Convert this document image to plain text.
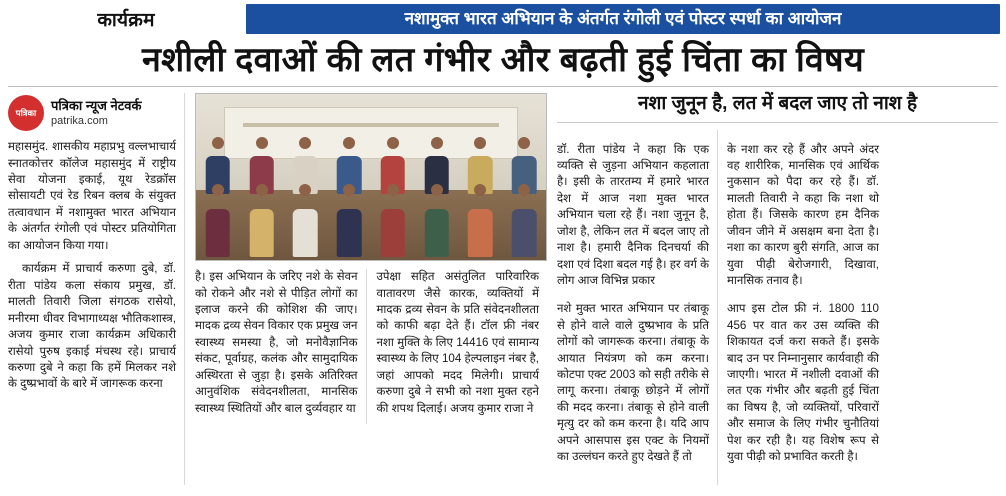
कार्यक्रम	नशामुक्त भारत अभियान के अंतर्गत रंगोली एवं पोस्टर स्पर्धा का आयोजन
नशीली दवाओं की लत गंभीर और बढ़ती हुई चिंता का विषय
पत्रिका	पत्रिका न्यूज नेटवर्क
patrika.com

महासमुंद. शासकीय महाप्रभु वल्लभाचार्य स्नातकोत्तर कॉलेज महासमुंद में राष्ट्रीय सेवा योजना इकाई, यूथ रेडक्रॉस सोसायटी एवं रेड रिबन क्लब के संयुक्त तत्वावधान में नशामुक्त भारत अभियान के अंतर्गत रंगोली एवं पोस्टर प्रतियोगिता का आयोजन किया गया।

कार्यक्रम में प्राचार्य करुणा दुबे, डॉ. रीता पांडेय कला संकाय प्रमुख, डॉ. मालती तिवारी जिला संगठक रासेयो, मनीरमा धीवर विभागाध्यक्ष भौतिकशास्त्र, अजय कुमार राजा कार्यक्रम अधिकारी रासेयो पुरुष इकाई मंचस्थ रहे। प्राचार्य करुणा दुबे ने कहा कि हमें मिलकर नशे के दुष्प्रभावों के बारे में जागरूक करना

है। इस अभियान के जरिए नशे के सेवन को रोकने और नशे से पीड़ित लोगों का इलाज करने की कोशिश की जाए। मादक द्रव्य सेवन विकार एक प्रमुख जन स्वास्थ्य समस्या है, जो मनोवैज्ञानिक संकट, पूर्वाग्रह, कलंक और सामुदायिक अस्थिरता से जुड़ा है। इसके अतिरिक्त आनुवंशिक संवेदनशीलता, मानसिक स्वास्थ्य स्थितियों और बाल दुर्व्यवहार या

उपेक्षा सहित असंतुलित पारिवारिक वातावरण जैसे कारक, व्यक्तियों में मादक द्रव्य सेवन के प्रति संवेदनशीलता को काफी बढ़ा देते हैं। टॉल फ्री नंबर नशा मुक्ति के लिए 14416 एवं सामान्य स्वास्थ्य के लिए 104 हेल्पलाइन नंबर है, जहां आपको मदद मिलेगी। प्राचार्य करुणा दुबे ने सभी को नशा मुक्त रहने की शपथ दिलाई। अजय कुमार राजा ने

नशा जुनून है, लत में बदल जाए तो नाश है

डॉ. रीता पांडेय ने कहा कि एक व्यक्ति से जुड़ना अभियान कहलाता है। इसी के तारतम्य में हमारे भारत देश में आज नशा मुक्त भारत अभियान चला रहे हैं। नशा जुनून है, जोश है, लेकिन लत में बदल जाए तो नाश है। हमारी दैनिक दिनचर्या की दशा एवं दिशा बदल गई है। हर वर्ग के लोग आज विभिन्न प्रकार

नशे मुक्त भारत अभियान पर तंबाकू से होने वाले वाले दुष्प्रभाव के प्रति लोगों को जागरूक करना। तंबाकू के आयात नियंत्रण को कम करना। कोटपा एक्ट 2003 को सही तरीके से लागू करना। तंबाकू छोड़ने में लोगों की मदद करना। तंबाकू से होने वाली मृत्यु दर को कम करना है। यदि आप अपने आसपास इस एक्ट के नियमों का उल्लंघन करते हुए देखते हैं तो

के नशा कर रहे हैं और अपने अंदर वह शारीरिक, मानसिक एवं आर्थिक नुकसान को पैदा कर रहे हैं। डॉ. मालती तिवारी ने कहा कि नशा थो होता हैं। जिसके कारण हम दैनिक जीवन जीने में असक्षम बना देता है। नशा का कारण बुरी संगति, आज का युवा पीढ़ी बेरोजगारी, दिखावा, मानसिक तनाव है।

आप इस टोल फ्री नं. 1800 110 456 पर वात कर उस व्यक्ति की शिकायत दर्ज करा सकते हैं। इसके बाद उन पर निम्नानुसार कार्यवाही की जाएगी। भारत में नशीली दवाओं की लत एक गंभीर और बढ़ती हुई चिंता का विषय है, जो व्यक्तियों, परिवारों और समाज के लिए गंभीर चुनौतियां पेश कर रही है। यह विशेष रूप से युवा पीढ़ी को प्रभावित करती है।
